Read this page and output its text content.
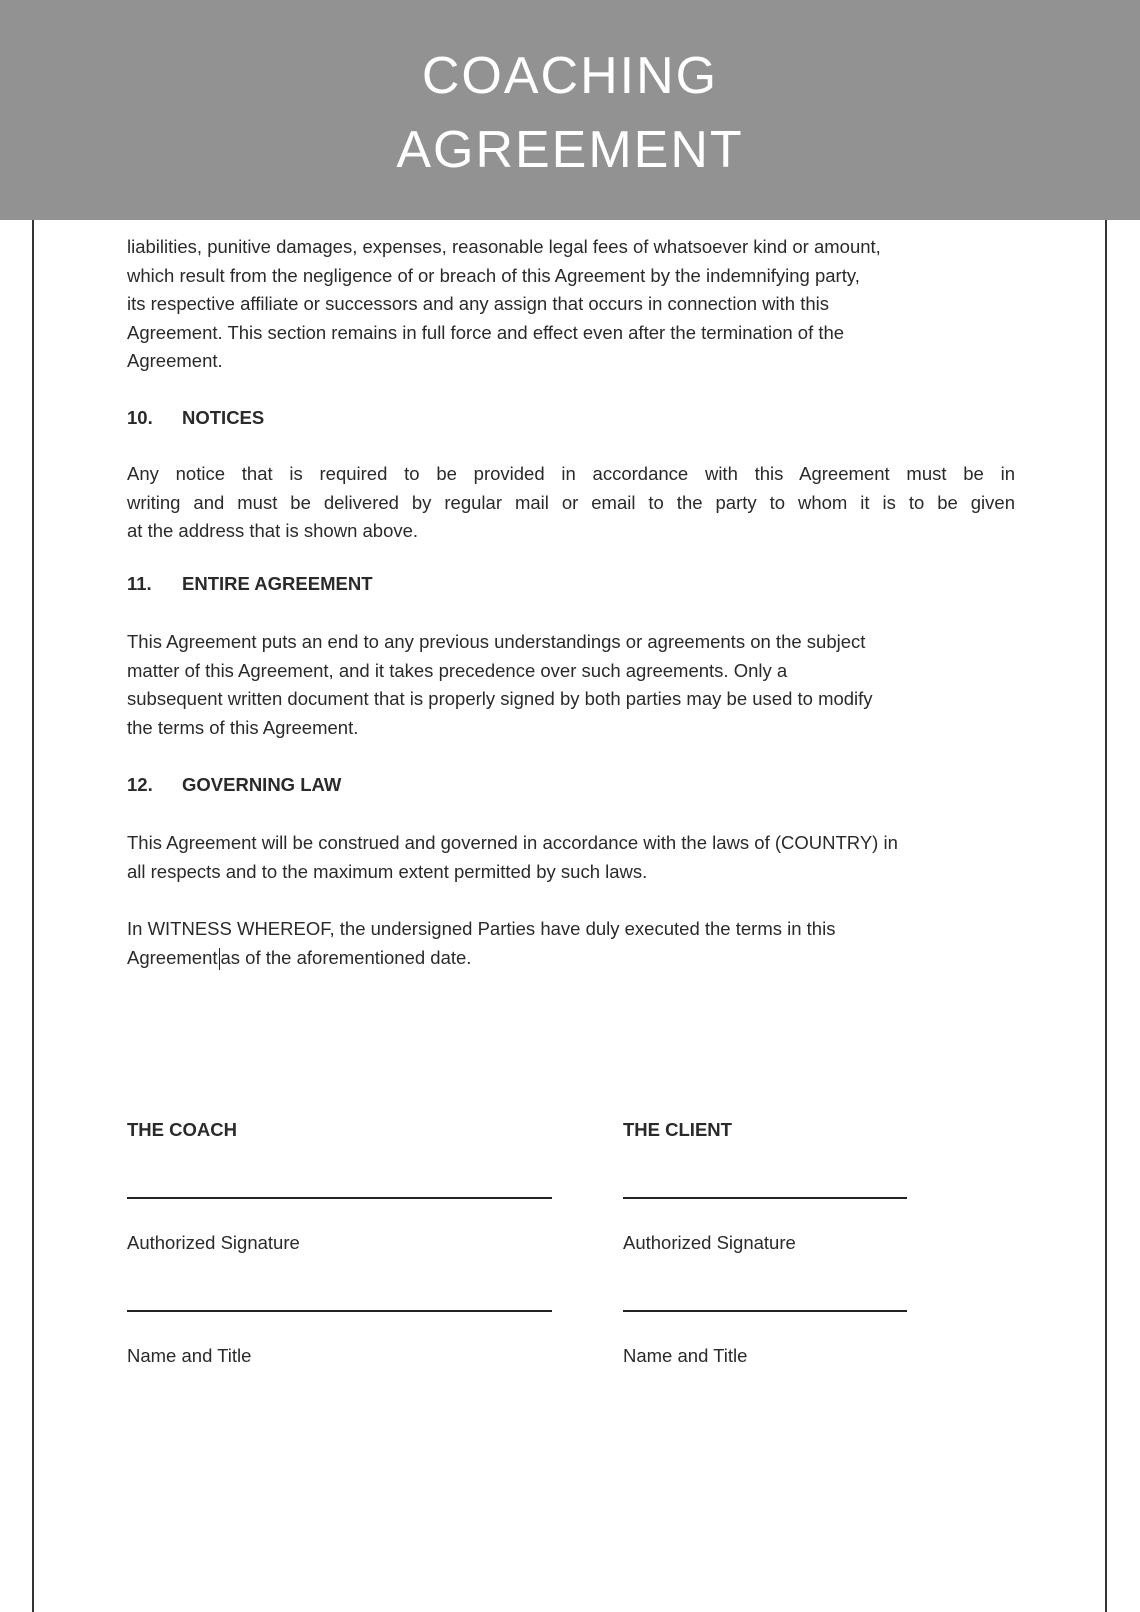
COACHING
AGREEMENT
liabilities, punitive damages, expenses, reasonable legal fees of whatsoever kind or amount,
which result from the negligence of or breach of this Agreement by the indemnifying party,
its respective affiliate or successors and any assign that occurs in connection with this
Agreement. This section remains in full force and effect even after the termination of the
Agreement.
10. NOTICES
Any notice that is required to be provided in accordance with this Agreement must be in
writing and must be delivered by regular mail or email to the party to whom it is to be given
at the address that is shown above.
11. ENTIRE AGREEMENT
This Agreement puts an end to any previous understandings or agreements on the subject
matter of this Agreement, and it takes precedence over such agreements. Only a
subsequent written document that is properly signed by both parties may be used to modify
the terms of this Agreement.
12. GOVERNING LAW
This Agreement will be construed and governed in accordance with the laws of (COUNTRY) in
all respects and to the maximum extent permitted by such laws.
In WITNESS WHEREOF, the undersigned Parties have duly executed the terms in this
Agreement as of the aforementioned date.
THE COACH	THE CLIENT
Authorized Signature	Authorized Signature
Name and Title	Name and Title
